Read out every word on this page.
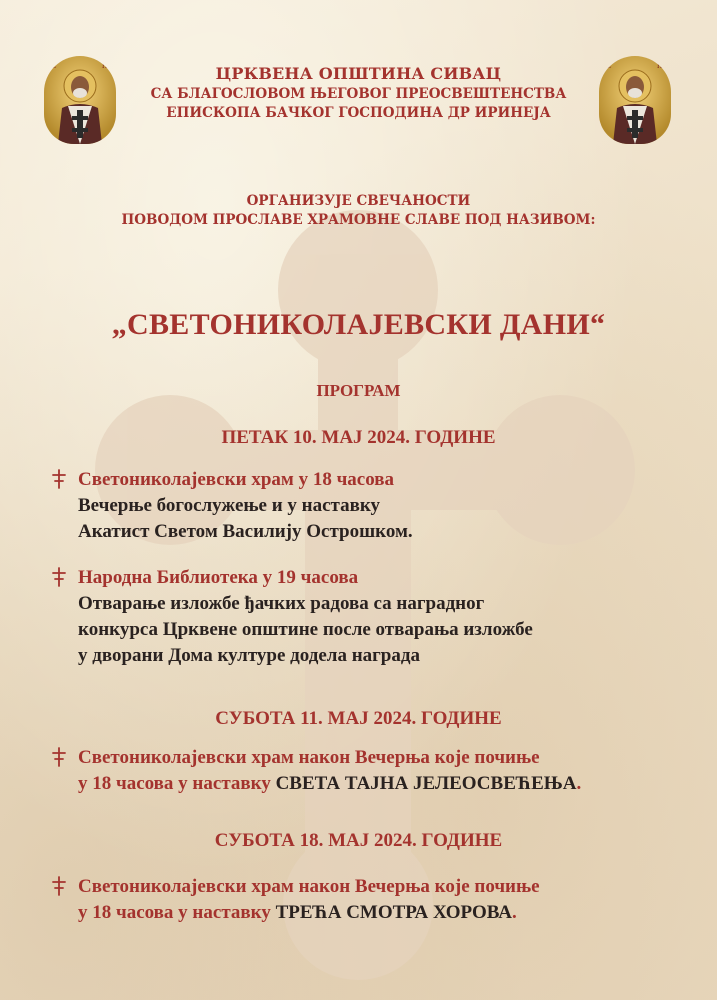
С	Н	С	Н
ЦРКВЕНА ОПШТИНА СИВАЦ
СА БЛАГОСЛОВОМ ЊЕГОВОГ ПРЕОСВЕШТЕНСТВА
ЕПИСКОПА БАЧКОГ ГОСПОДИНА ДР ИРИНЕЈА
ОРГАНИЗУЈЕ СВЕЧАНОСТИ
ПОВОДОМ ПРОСЛАВЕ ХРАМОВНЕ СЛАВЕ ПОД НАЗИВОМ:
„СВЕТОНИКОЛАЈЕВСКИ ДАНИ“
ПРОГРАМ
ПЕТАК 10. МАЈ 2024. ГОДИНЕ
Светониколајевски храм у 18 часова
Вечерње богослужење и у наставку
Акатист Светом Василију Острошком.
Народна Библиотека у 19 часова
Отварање изложбе ђачких радова са наградног
конкурса Црквене општине после отварања изложбе
у дворани Дома културе додела награда
СУБОТА 11. МАЈ 2024. ГОДИНЕ
Светониколајевски храм након Вечерња које почиње
у 18 часова у наставку СВЕТА ТАЈНА ЈЕЛЕОСВЕЋЕЊА.
СУБОТА 18. МАЈ 2024. ГОДИНЕ
Светониколајевски храм након Вечерња које почиње
у 18 часова у наставку ТРЕЋА СМОТРА ХОРОВА.
